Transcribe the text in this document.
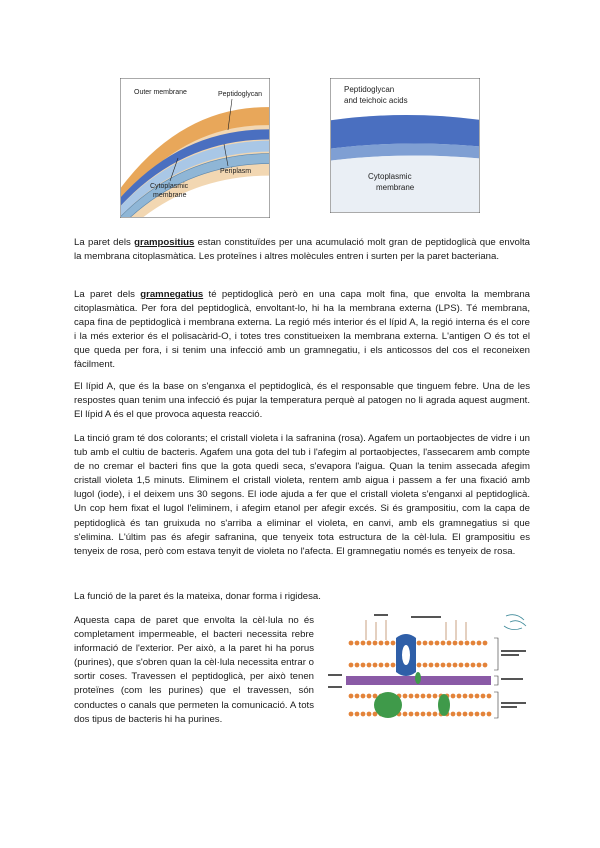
Outer membrane	Peptidoglycan
Periplasm
Cytoplasmic
membrane
Peptidoglycan
and teichoic acids
Cytoplasmic
membrane

La paret dels grampositius estan constituïdes per una acumulació molt gran de peptidoglicà que envolta la membrana citoplasmàtica. Les proteïnes i altres molècules entren i surten per la paret bacteriana.

La paret dels gramnegatius té peptidoglicà però en una capa molt fina, que envolta la membrana citoplasmàtica. Per fora del peptidoglicà, envoltant-lo, hi ha la membrana externa (LPS). Té membrana, capa fina de peptidoglicà i membrana externa. La regió més interior és el lípid A, la regió interna és el core i la més exterior és el polisacàrid-O, i totes tres constitueixen la membrana externa. L'antigen O és tot el que queda per fora, i si tenim una infecció amb un gramnegatiu, i els anticossos del cos el reconeixen fàcilment.

El lípid A, que és la base on s'enganxa el peptidoglicà, és el responsable que tinguem febre. Una de les respostes quan tenim una infecció és pujar la temperatura perquè al patogen no li agrada aquest augment. El lípid A és el que provoca aquesta reacció.

La tinció gram té dos colorants; el cristall violeta i la safranina (rosa). Agafem un portaobjectes de vidre i un tub amb el cultiu de bacteris. Agafem una gota del tub i l'afegim al portaobjectes, l'assecarem amb compte de no cremar el bacteri fins que la gota quedi seca, s'evapora l'aigua. Quan la tenim assecada afegim cristall violeta 1,5 minuts. Eliminem el cristall violeta, rentem amb aigua i passem a fer una fixació amb lugol (iode), i el deixem uns 30 segons. El iode ajuda a fer que el cristall violeta s'enganxi al peptidoglicà. Un cop hem fixat el lugol l'eliminem, i afegim etanol per afegir excés. Si és grampositiu, com la capa de peptidoglicà és tan gruixuda no s'arriba a eliminar el violeta, en canvi, amb els gramnegatius si que s'elimina. L'últim pas és afegir safranina, que tenyeix tota estructura de la cèl·lula. El grampositiu es tenyeix de rosa, però com estava tenyit de violeta no l'afecta. El gramnegatiu només es tenyeix de rosa.

La funció de la paret és la mateixa, donar forma i rigidesa.

Aquesta capa de paret que envolta la cèl·lula no és completament impermeable, el bacteri necessita rebre informació de l'exterior. Per això, a la paret hi ha porus (purines), que s'obren quan la cèl·lula necessita entrar o sortir coses. Travessen el peptidoglicà, per això tenen proteïnes (com les purines) que el travessen, són conductes o canals que permeten la comunicació. A tots dos tipus de bacteris hi ha purines.
